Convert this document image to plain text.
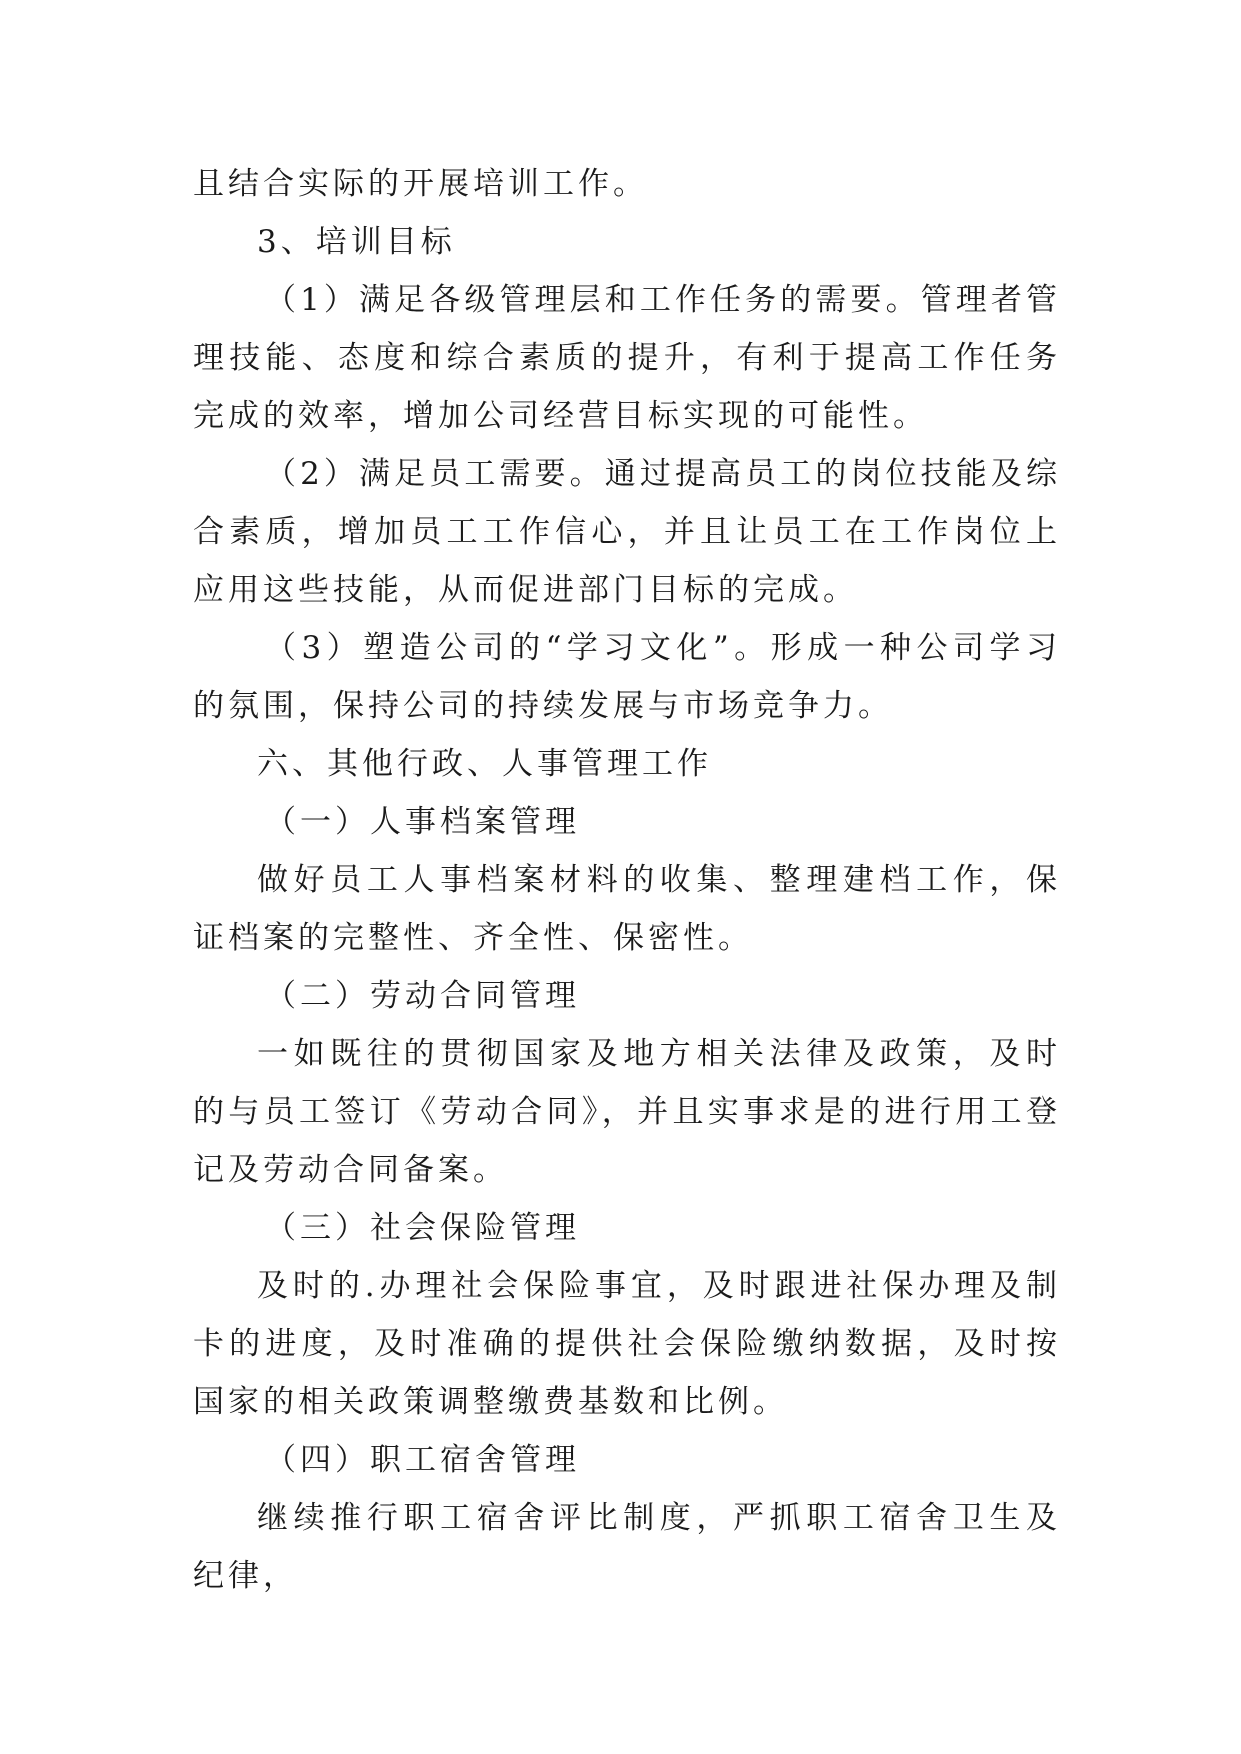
且结合实际的开展培训工作。

3、培训目标

（1）满足各级管理层和工作任务的需要。管理者管理技能、态度和综合素质的提升，有利于提高工作任务完成的效率，增加公司经营目标实现的可能性。

（2）满足员工需要。通过提高员工的岗位技能及综合素质，增加员工工作信心，并且让员工在工作岗位上应用这些技能，从而促进部门目标的完成。

（3）塑造公司的“学习文化”。形成一种公司学习的氛围，保持公司的持续发展与市场竞争力。

六、其他行政、人事管理工作

（一）人事档案管理

做好员工人事档案材料的收集、整理建档工作，保证档案的完整性、齐全性、保密性。

（二）劳动合同管理

一如既往的贯彻国家及地方相关法律及政策，及时的与员工签订《劳动合同》，并且实事求是的进行用工登记及劳动合同备案。

（三）社会保险管理

及时的.办理社会保险事宜，及时跟进社保办理及制卡的进度，及时准确的提供社会保险缴纳数据，及时按国家的相关政策调整缴费基数和比例。

（四）职工宿舍管理

继续推行职工宿舍评比制度，严抓职工宿舍卫生及纪律，
